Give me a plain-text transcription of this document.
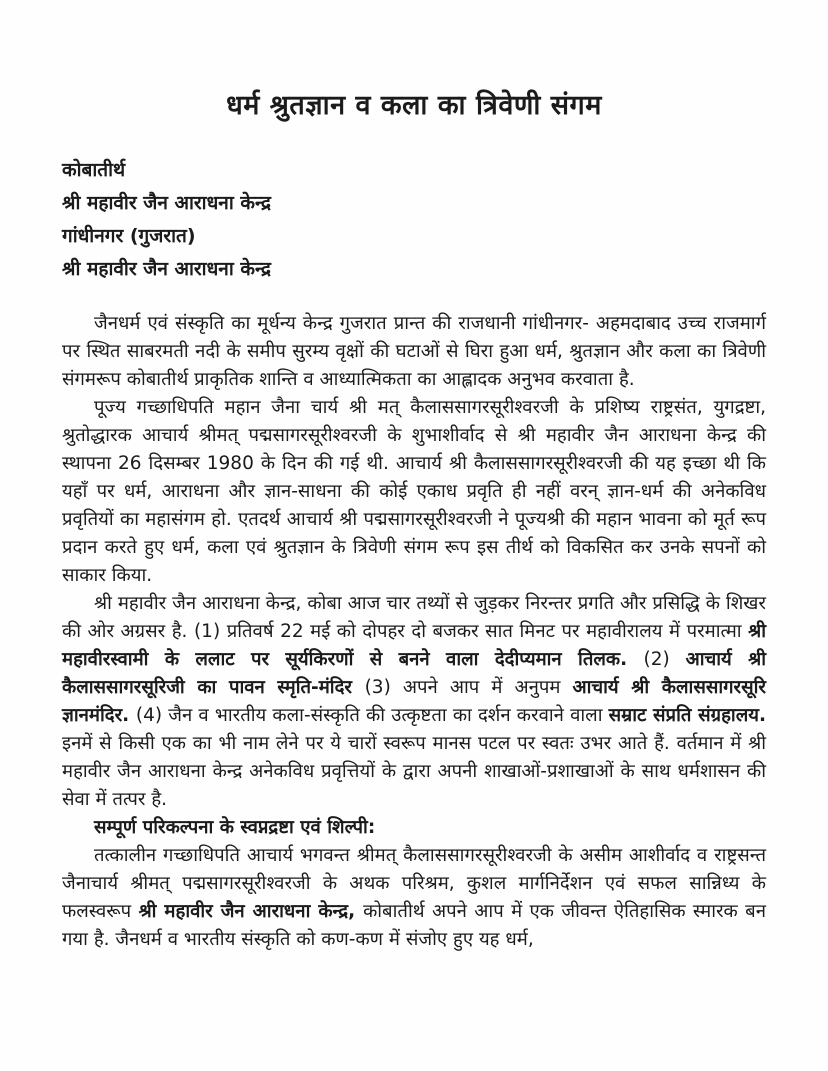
धर्म श्रुतज्ञान व कला का त्रिवेणी संगम
कोबातीर्थ
श्री महावीर जैन आराधना केन्द्र
गांधीनगर (गुजरात)
श्री महावीर जैन आराधना केन्द्र

जैनधर्म एवं संस्कृति का मूर्धन्य केन्द्र गुजरात प्रान्त की राजधानी गांधीनगर- अहमदाबाद उच्च राजमार्ग पर स्थित साबरमती नदी के समीप सुरम्य वृक्षों की घटाओं से घिरा हुआ धर्म, श्रुतज्ञान और कला का त्रिवेणी संगमरूप कोबातीर्थ प्राकृतिक शान्ति व आध्यात्मिकता का आह्लादक अनुभव करवाता है.

पूज्य गच्छाधिपति महान जैना चार्य श्री मत् कैलाससागरसूरीश्वरजी के प्रशिष्य राष्ट्रसंत, युगद्रष्टा, श्रुतोद्धारक आचार्य श्रीमत् पद्मसागरसूरीश्वरजी के शुभाशीर्वाद से श्री महावीर जैन आराधना केन्द्र की स्थापना 26 दिसम्बर 1980 के दिन की गई थी. आचार्य श्री कैलाससागरसूरीश्वरजी की यह इच्छा थी कि यहाँ पर धर्म, आराधना और ज्ञान-साधना की कोई एकाध प्रवृति ही नहीं वरन् ज्ञान-धर्म की अनेकविध प्रवृतियों का महासंगम हो. एतदर्थ आचार्य श्री पद्मसागरसूरीश्वरजी ने पूज्यश्री की महान भावना को मूर्त रूप प्रदान करते हुए धर्म, कला एवं श्रुतज्ञान के त्रिवेणी संगम रूप इस तीर्थ को विकसित कर उनके सपनों को साकार किया.

श्री महावीर जैन आराधना केन्द्र, कोबा आज चार तथ्यों से जुड़कर निरन्तर प्रगति और प्रसिद्धि के शिखर की ओर अग्रसर है. (1) प्रतिवर्ष 22 मई को दोपहर दो बजकर सात मिनट पर महावीरालय में परमात्मा श्री महावीरस्वामी के ललाट पर सूर्यकिरणों से बनने वाला देदीप्यमान तिलक. (2) आचार्य श्री कैलाससागरसूरिजी का पावन स्मृति-मंदिर (3) अपने आप में अनुपम आचार्य श्री कैलाससागरसूरि ज्ञानमंदिर. (4) जैन व भारतीय कला-संस्कृति की उत्कृष्टता का दर्शन करवाने वाला सम्राट संप्रति संग्रहालय. इनमें से किसी एक का भी नाम लेने पर ये चारों स्वरूप मानस पटल पर स्वतः उभर आते हैं. वर्तमान में श्री महावीर जैन आराधना केन्द्र अनेकविध प्रवृत्तियों के द्वारा अपनी शाखाओं-प्रशाखाओं के साथ धर्मशासन की सेवा में तत्पर है.

सम्पूर्ण परिकल्पना के स्वप्नद्रष्टा एवं शिल्पी:

तत्कालीन गच्छाधिपति आचार्य भगवन्त श्रीमत् कैलाससागरसूरीश्वरजी के असीम आशीर्वाद व राष्ट्रसन्त जैनाचार्य श्रीमत् पद्मसागरसूरीश्वरजी के अथक परिश्रम, कुशल मार्गनिर्देशन एवं सफल सान्निध्य के फलस्वरूप श्री महावीर जैन आराधना केन्द्र, कोबातीर्थ अपने आप में एक जीवन्त ऐतिहासिक स्मारक बन गया है. जैनधर्म व भारतीय संस्कृति को कण-कण में संजोए हुए यह धर्म,
